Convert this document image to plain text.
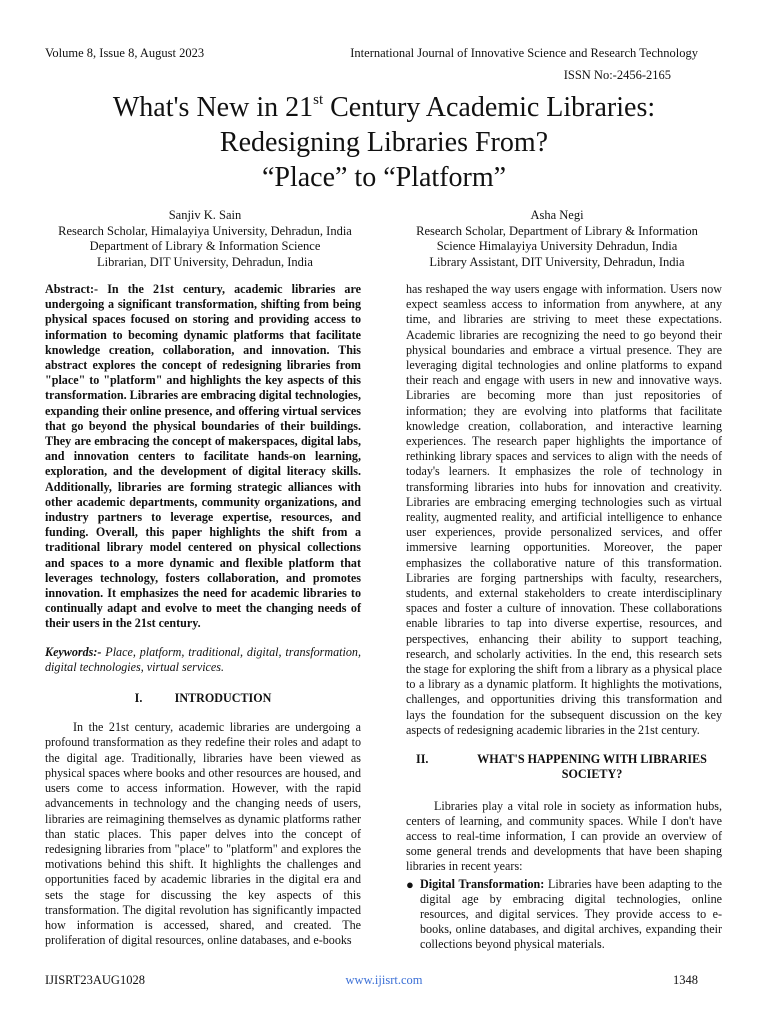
Volume 8, Issue 8, August 2023	International Journal of Innovative Science and Research Technology
ISSN No:-2456-2165
What's New in 21st Century Academic Libraries:
Redesigning Libraries From?
“Place” to “Platform”
Sanjiv K. Sain
Research Scholar, Himalayiya University, Dehradun, India
Department of Library & Information Science
Librarian, DIT University, Dehradun, India
Asha Negi
Research Scholar, Department of Library & Information
Science Himalayiya University Dehradun, India
Library Assistant, DIT University, Dehradun, India

Abstract:- In the 21st century, academic libraries are undergoing a significant transformation, shifting from being physical spaces focused on storing and providing access to information to becoming dynamic platforms that facilitate knowledge creation, collaboration, and innovation. This abstract explores the concept of redesigning libraries from "place" to "platform" and highlights the key aspects of this transformation. Libraries are embracing digital technologies, expanding their online presence, and offering virtual services that go beyond the physical boundaries of their buildings. They are embracing the concept of makerspaces, digital labs, and innovation centers to facilitate hands-on learning, exploration, and the development of digital literacy skills. Additionally, libraries are forming strategic alliances with other academic departments, community organizations, and industry partners to leverage expertise, resources, and funding. Overall, this paper highlights the shift from a traditional library model centered on physical collections and spaces to a more dynamic and flexible platform that leverages technology, fosters collaboration, and promotes innovation. It emphasizes the need for academic libraries to continually adapt and evolve to meet the changing needs of their users in the 21st century.

Keywords:- Place, platform, traditional, digital, transformation, digital technologies, virtual services.

I.	INTRODUCTION

In the 21st century, academic libraries are undergoing a profound transformation as they redefine their roles and adapt to the digital age. Traditionally, libraries have been viewed as physical spaces where books and other resources are housed, and users come to access information. However, with the rapid advancements in technology and the changing needs of users, libraries are reimagining themselves as dynamic platforms rather than static places. This paper delves into the concept of redesigning libraries from "place" to "platform" and explores the motivations behind this shift. It highlights the challenges and opportunities faced by academic libraries in the digital era and sets the stage for discussing the key aspects of this transformation. The digital revolution has significantly impacted how information is accessed, shared, and created. The proliferation of digital resources, online databases, and e-books

has reshaped the way users engage with information. Users now expect seamless access to information from anywhere, at any time, and libraries are striving to meet these expectations. Academic libraries are recognizing the need to go beyond their physical boundaries and embrace a virtual presence. They are leveraging digital technologies and online platforms to expand their reach and engage with users in new and innovative ways. Libraries are becoming more than just repositories of information; they are evolving into platforms that facilitate knowledge creation, collaboration, and interactive learning experiences. The research paper highlights the importance of rethinking library spaces and services to align with the needs of today's learners. It emphasizes the role of technology in transforming libraries into hubs for innovation and creativity. Libraries are embracing emerging technologies such as virtual reality, augmented reality, and artificial intelligence to enhance user experiences, provide personalized services, and offer immersive learning opportunities. Moreover, the paper emphasizes the collaborative nature of this transformation. Libraries are forging partnerships with faculty, researchers, students, and external stakeholders to create interdisciplinary spaces and foster a culture of innovation. These collaborations enable libraries to tap into diverse expertise, resources, and perspectives, enhancing their ability to support teaching, research, and scholarly activities. In the end, this research sets the stage for exploring the shift from a library as a physical place to a library as a dynamic platform. It highlights the motivations, challenges, and opportunities driving this transformation and lays the foundation for the subsequent discussion on the key aspects of redesigning academic libraries in the 21st century.

II.	WHAT'S HAPPENING WITH LIBRARIES
SOCIETY?

Libraries play a vital role in society as information hubs, centers of learning, and community spaces. While I don't have access to real-time information, I can provide an overview of some general trends and developments that have been shaping libraries in recent years:

● Digital Transformation: Libraries have been adapting to the digital age by embracing digital technologies, online resources, and digital services. They provide access to e-books, online databases, and digital archives, expanding their collections beyond physical materials.
IJISRT23AUG1028	www.ijisrt.com	1348
